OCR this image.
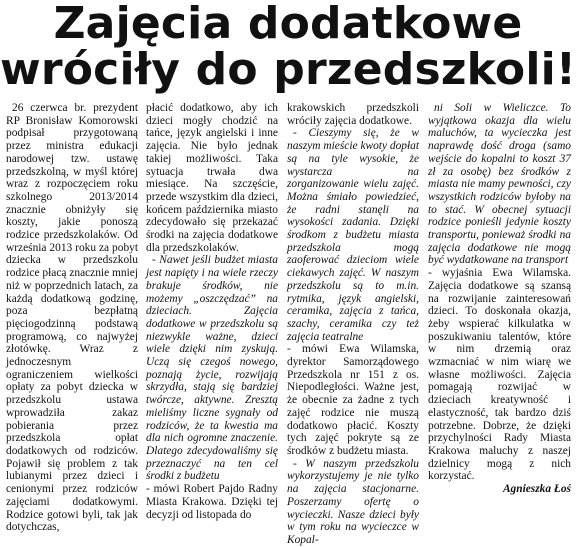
Zajęcia dodatkowe
wróciły do przedszkoli!

26 czerwca br. prezydent RP Bronisław Komorowski podpisał przygotowaną przez ministra edukacji narodowej tzw. ustawę przedszkolną, w myśl której wraz z rozpoczęciem roku szkolnego 2013/2014 znacznie obniżyły się koszty, jakie ponoszą rodzice przedszkolaków. Od września 2013 roku za pobyt dziecka w przedszkolu rodzice płacą znacznie mniej niż w poprzednich latach, za każdą dodatkową godzinę, poza bezpłatną pięciogodzinną podstawą programową, co najwyżej złotówkę. Wraz z jednoczesnym ograniczeniem wielkości opłaty za pobyt dziecka w przedszkolu ustawa wprowadziła zakaz pobierania przez przedszkola opłat dodatkowych od rodziców. Pojawił się problem z tak lubianymi przez dzieci i cenionymi przez rodziców zajęciami dodatkowymi. Rodzice gotowi byli, tak jak dotychczas,

płacić dodatkowo, aby ich dzieci mogły chodzić na tańce, język angielski i inne zajęcia. Nie było jednak takiej możliwości. Taka sytuacja trwała dwa miesiące. Na szczęście, przede wszystkim dla dzieci, końcem października miasto zdecydowało się przekazać środki na zajęcia dodatkowe dla przedszkolaków.

- Nawet jeśli budżet miasta jest napięty i na wiele rzeczy brakuje środków, nie możemy „oszczędzać” na dzieciach. Zajęcia dodatkowe w przedszkolu są niezwykle ważne, dzieci wiele dzięki nim zyskują. Uczą się czegoś nowego, poznają życie, rozwijają skrzydła, stają się bardziej twórcze, aktywne. Zresztą mieliśmy liczne sygnały od rodziców, że ta kwestia ma dla nich ogromne znaczenie. Dlatego zdecydowaliśmy się przeznaczyć na ten cel środki z budżetu

- mówi Robert Pajdo Radny Miasta Krakowa. Dzięki tej decyzji od listopada do

krakowskich przedszkoli wróciły zajęcia dodatkowe.

- Cieszymy się, że w naszym mieście kwoty dopłat są na tyle wysokie, że wystarcza na zorganizowanie wielu zajęć. Można śmiało powiedzieć, że radni stanęli na wysokości zadania. Dzięki środkom z budżetu miasta przedszkola mogą zaoferować dzieciom wiele ciekawych zajęć. W naszym przedszkolu są to m.in. rytmika, język angielski, ceramika, zajęcia z tańca, szachy, ceramika czy też zajęcia teatralne

- mówi Ewa Wilamska, dyrektor Samorządowego Przedszkola nr 151 z os. Niepodległości. Ważne jest, że obecnie za żadne z tych zajęć rodzice nie muszą dodatkowo płacić. Koszty tych zajęć pokryte są ze środków z budżetu miasta.

- W naszym przedszkolu wykorzystujemy je nie tylko na zajęcia stacjonarne. Poszerzamy ofertę o wycieczki. Nasze dzieci były w tym roku na wycieczce w Kopal-

ni Soli w Wieliczce. To wyjątkowa okazja dla wielu maluchów, ta wycieczka jest naprawdę dość droga (samo wejście do kopalni to koszt 37 zł za osobę) bez środków z miasta nie mamy pewności, czy wszystkich rodziców byłoby na to stać. W obecnej sytuacji rodzice ponieśli jedynie koszty transportu, ponieważ środki na zajęcia dodatkowe nie mogą być wydatkowane na transport

- wyjaśnia Ewa Wilamska. Zajęcia dodatkowe są szansą na rozwijanie zainteresowań dzieci. To doskonała okazja, żeby wspierać kilkulatka w poszukiwaniu talentów, które w nim drzemią oraz wzmacniać w nim wiarę we własne możliwości. Zajęcia pomagają rozwijać w dzieciach kreatywność i elastyczność, tak bardzo dziś potrzebne. Dobrze, że dzięki przychylności Rady Miasta Krakowa maluchy z naszej dzielnicy mogą z nich korzystać.

Agnieszka Łoś
